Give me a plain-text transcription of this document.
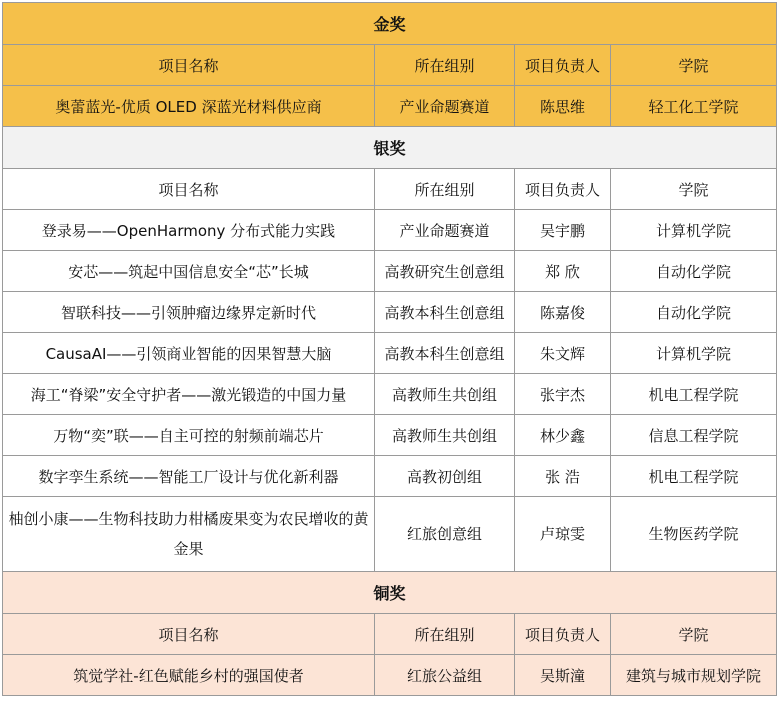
金奖			
项目名称	所在组别	项目负责人	学院
奥蕾蓝光-优质 OLED 深蓝光材料供应商	产业命题赛道	陈思维	轻工化工学院
银奖			
项目名称	所在组别	项目负责人	学院
登录易——OpenHarmony 分布式能力实践	产业命题赛道	吴宇鹏	计算机学院
安芯——筑起中国信息安全“芯”长城	高教研究生创意组	郑 欣	自动化学院
智联科技——引领肿瘤边缘界定新时代	高教本科生创意组	陈嘉俊	自动化学院
CausaAI——引领商业智能的因果智慧大脑	高教本科生创意组	朱文辉	计算机学院
海工“脊梁”安全守护者——激光锻造的中国力量	高教师生共创组	张宇杰	机电工程学院
万物“奕”联——自主可控的射频前端芯片	高教师生共创组	林少鑫	信息工程学院
数字孪生系统——智能工厂设计与优化新利器	高教初创组	张 浩	机电工程学院
柚创小康——生物科技助力柑橘废果变为农民增收的黄金果	红旅创意组	卢琼雯	生物医药学院
铜奖			
项目名称	所在组别	项目负责人	学院
筑觉学社-红色赋能乡村的强国使者	红旅公益组	吴斯潼	建筑与城市规划学院
